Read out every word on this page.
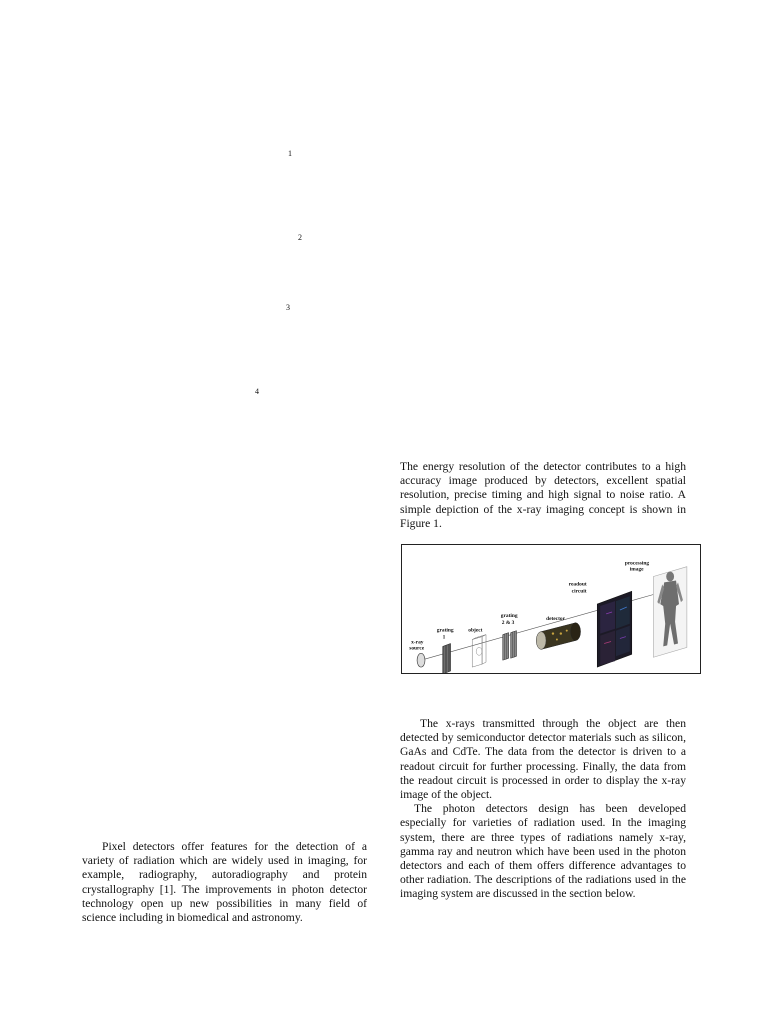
1
2
3
4

Pixel detectors offer features for the detection of a variety of radiation which are widely used in imaging, for example, radiography, autoradiography and protein crystallography [1]. The improvements in photon detector technology open up new possibilities in many field of science including in biomedical and astronomy.

The energy resolution of the detector contributes to a high accuracy image produced by detectors, excellent spatial resolution, precise timing and high signal to noise ratio. A simple depiction of the x-ray imaging concept is shown in Figure 1.

x-ray
source
grating
1
object
grating
2 & 3
detector
readout
circuit
processing
image

The x-rays transmitted through the object are then detected by semiconductor detector materials such as silicon, GaAs and CdTe. The data from the detector is driven to a readout circuit for further processing. Finally, the data from the readout circuit is processed in order to display the x-ray image of the object.

The photon detectors design has been developed especially for varieties of radiation used. In the imaging system, there are three types of radiations namely x-ray, gamma ray and neutron which have been used in the photon detectors and each of them offers difference advantages to other radiation. The descriptions of the radiations used in the imaging system are discussed in the section below.
